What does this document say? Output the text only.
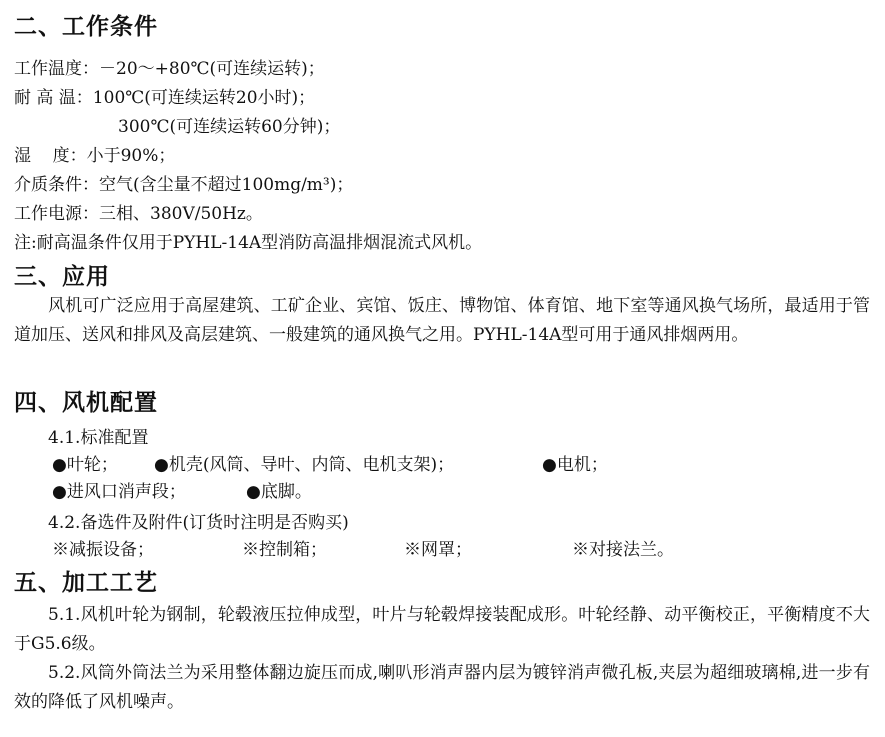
二、工作条件
工作温度：－20～+80℃(可连续运转)；
耐 高 温：100℃(可连续运转20小时)；
300℃(可连续运转60分钟)；
湿    度：小于90%；
介质条件：空气(含尘量不超过100mg/m³)；
工作电源：三相、380V/50Hz。
注:耐高温条件仅用于PYHL-14A型消防高温排烟混流式风机。
三、应用
风机可广泛应用于高屋建筑、工矿企业、宾馆、饭庄、博物馆、体育馆、地下室等通风换气场所，最适用于管道加压、送风和排风及高层建筑、一般建筑的通风换气之用。PYHL-14A型可用于通风排烟两用。
四、风机配置
4.1.标准配置
●叶轮； ●机壳(风筒、导叶、内筒、电机支架)；	●电机；
●进风口消声段；	●底脚。
4.2.备选件及附件(订货时注明是否购买)
※减振设备；	※控制箱；	※网罩；	※对接法兰。
五、加工工艺
5.1.风机叶轮为钢制，轮毂液压拉伸成型，叶片与轮毂焊接装配成形。叶轮经静、动平衡校正，平衡精度不大于G5.6级。
5.2.风筒外筒法兰为采用整体翻边旋压而成,喇叭形消声器内层为镀锌消声微孔板,夹层为超细玻璃棉,进一步有效的降低了风机噪声。
